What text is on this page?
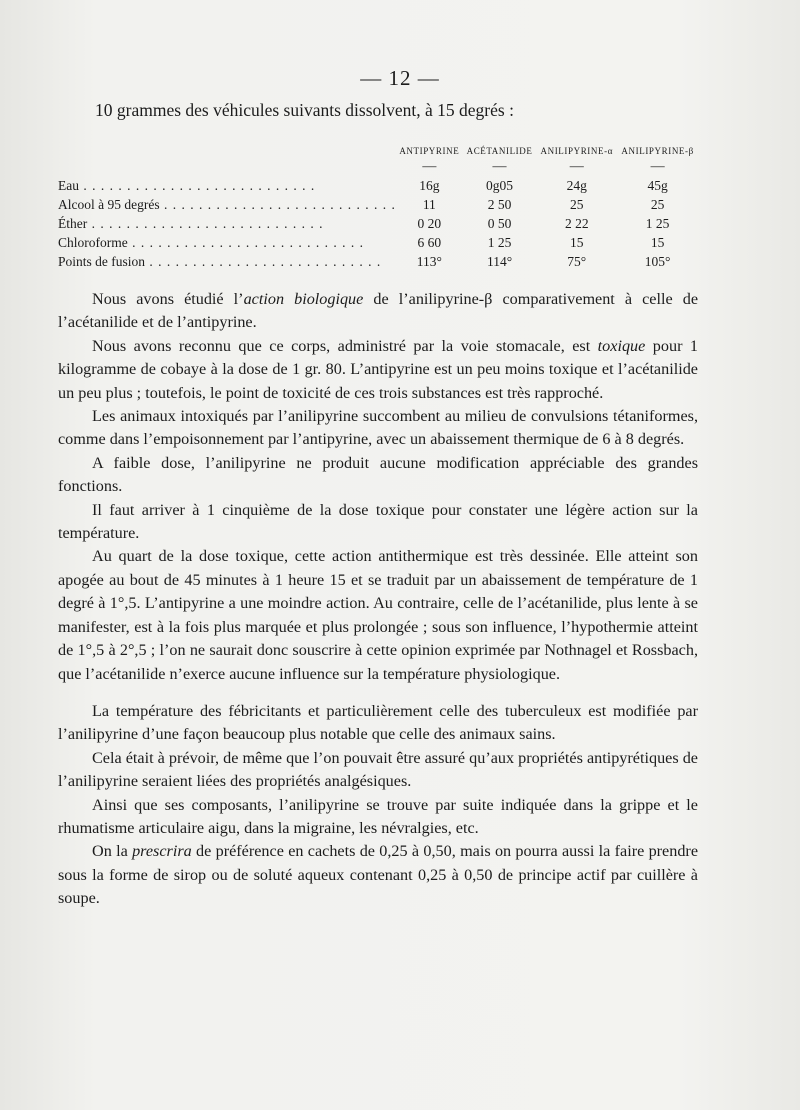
— 12 —
10 grammes des véhicules suivants dissolvent, à 15 degrés :
	ANTIPYRINE	ACÉTANILIDE	ANILIPYRINE-α	ANILIPYRINE-β
	—	—	—	—
Eau . . .	16g	0g05	24g	45g
Alcool à 95 degrés . . .	11	2 50	25	25
Éther . . .	0 20	0 50	2 22	1 25
Chloroforme . . .	6 60	1 25	15	15
Points de fusion . . .	113°	114°	75°	105°

Nous avons étudié l’action biologique de l’anilipyrine-β comparativement à celle de l’acétanilide et de l’antipyrine.

Nous avons reconnu que ce corps, administré par la voie stomacale, est toxique pour 1 kilogramme de cobaye à la dose de 1 gr. 80. L’antipyrine est un peu moins toxique et l’acétanilide un peu plus ; toutefois, le point de toxicité de ces trois substances est très rapproché.

Les animaux intoxiqués par l’anilipyrine succombent au milieu de convulsions tétaniformes, comme dans l’empoisonnement par l’antipyrine, avec un abaissement thermique de 6 à 8 degrés.

A faible dose, l’anilipyrine ne produit aucune modification appréciable des grandes fonctions.

Il faut arriver à 1 cinquième de la dose toxique pour constater une légère action sur la température.

Au quart de la dose toxique, cette action antithermique est très dessinée. Elle atteint son apogée au bout de 45 minutes à 1 heure 15 et se traduit par un abaissement de température de 1 degré à 1°,5. L’antipyrine a une moindre action. Au contraire, celle de l’acétanilide, plus lente à se manifester, est à la fois plus marquée et plus prolongée ; sous son influence, l’hypothermie atteint de 1°,5 à 2°,5 ; l’on ne saurait donc souscrire à cette opinion exprimée par Nothnagel et Rossbach, que l’acétanilide n’exerce aucune influence sur la température physiologique.

La température des fébricitants et particulièrement celle des tuberculeux est modifiée par l’anilipyrine d’une façon beaucoup plus notable que celle des animaux sains.

Cela était à prévoir, de même que l’on pouvait être assuré qu’aux propriétés antipyrétiques de l’anilipyrine seraient liées des propriétés analgésiques.

Ainsi que ses composants, l’anilipyrine se trouve par suite indiquée dans la grippe et le rhumatisme articulaire aigu, dans la migraine, les névralgies, etc.

On la prescrira de préférence en cachets de 0,25 à 0,50, mais on pourra aussi la faire prendre sous la forme de sirop ou de soluté aqueux contenant 0,25 à 0,50 de principe actif par cuillère à soupe.
